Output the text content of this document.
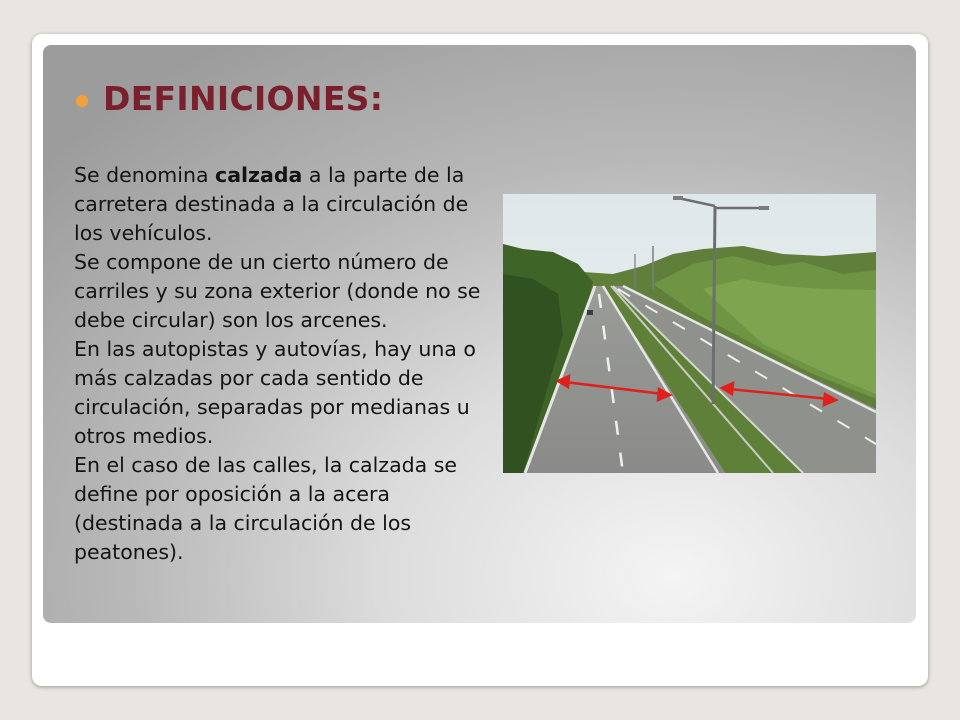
DEFINICIONES:

Se denomina calzada a la parte de la carretera destinada a la circulación de los vehículos.

Se compone de un cierto número de carriles y su zona exterior (donde no se debe circular) son los arcenes.

En las autopistas y autovías, hay una o más calzadas por cada sentido de circulación, separadas por medianas u otros medios.

En el caso de las calles, la calzada se define por oposición a la acera (destinada a la circulación de los peatones).
